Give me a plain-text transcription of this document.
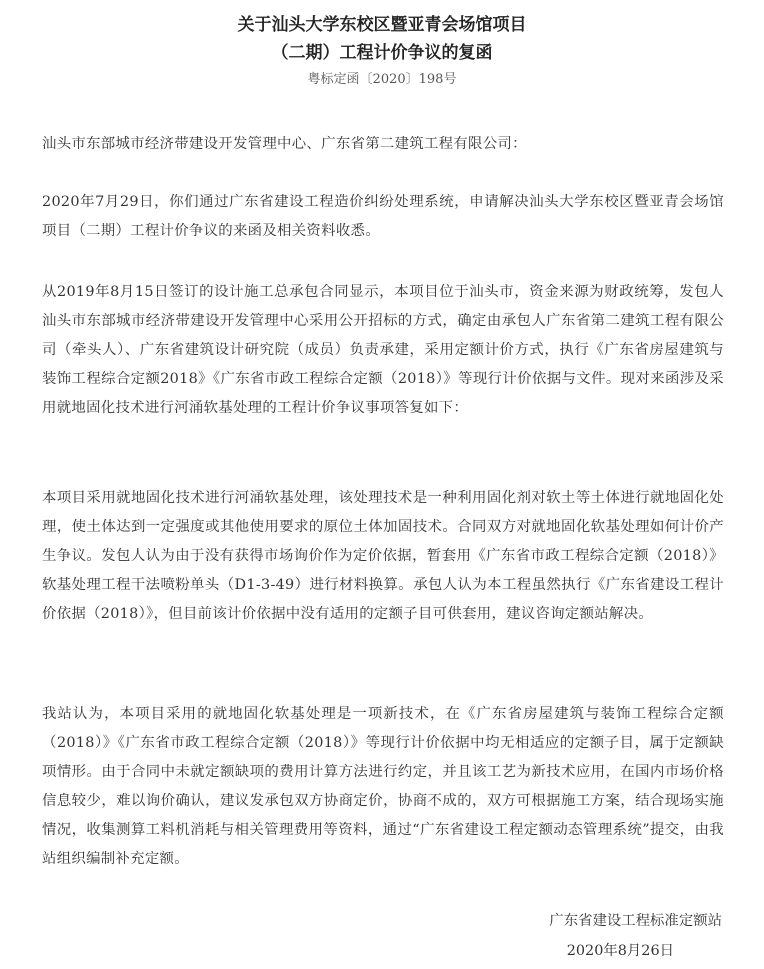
关于汕头大学东校区暨亚青会场馆项目
（二期）工程计价争议的复函
粤标定函〔2020〕198号

汕头市东部城市经济带建设开发管理中心、广东省第二建筑工程有限公司：

2020年7月29日，你们通过广东省建设工程造价纠纷处理系统，申请解决汕头大学东校区暨亚青会场馆项目（二期）工程计价争议的来函及相关资料收悉。

从2019年8月15日签订的设计施工总承包合同显示，本项目位于汕头市，资金来源为财政统筹，发包人汕头市东部城市经济带建设开发管理中心采用公开招标的方式，确定由承包人广东省第二建筑工程有限公司（牵头人）、广东省建筑设计研究院（成员）负责承建，采用定额计价方式，执行《广东省房屋建筑与装饰工程综合定额2018》《广东省市政工程综合定额（2018）》等现行计价依据与文件。现对来函涉及采用就地固化技术进行河涌软基处理的工程计价争议事项答复如下：

本项目采用就地固化技术进行河涌软基处理，该处理技术是一种利用固化剂对软土等土体进行就地固化处理，使土体达到一定强度或其他使用要求的原位土体加固技术。合同双方对就地固化软基处理如何计价产生争议。发包人认为由于没有获得市场询价作为定价依据，暂套用《广东省市政工程综合定额（2018）》软基处理工程干法喷粉单头（D1-3-49）进行材料换算。承包人认为本工程虽然执行《广东省建设工程计价依据（2018）》，但目前该计价依据中没有适用的定额子目可供套用，建议咨询定额站解决。

我站认为，本项目采用的就地固化软基处理是一项新技术，在《广东省房屋建筑与装饰工程综合定额（2018）》《广东省市政工程综合定额（2018）》等现行计价依据中均无相适应的定额子目，属于定额缺项情形。由于合同中未就定额缺项的费用计算方法进行约定，并且该工艺为新技术应用，在国内市场价格信息较少，难以询价确认，建议发承包双方协商定价，协商不成的，双方可根据施工方案，结合现场实施情况，收集测算工料机消耗与相关管理费用等资料，通过“广东省建设工程定额动态管理系统”提交，由我站组织编制补充定额。

广东省建设工程标准定额站
2020年8月26日
